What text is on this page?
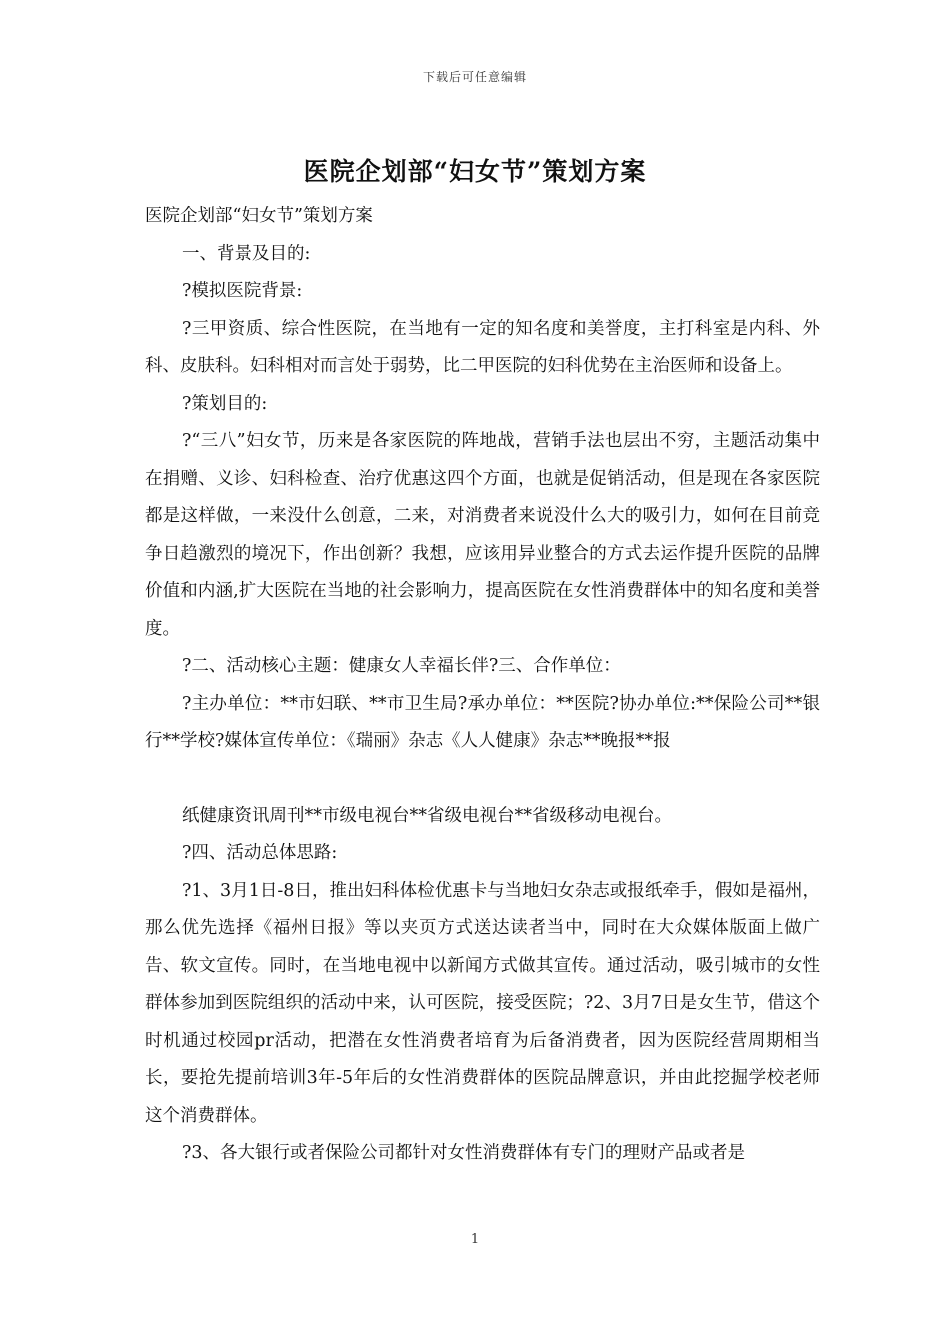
下载后可任意编辑
医院企划部“妇女节”策划方案

医院企划部“妇女节”策划方案

一、背景及目的:

?模拟医院背景:

?三甲资质、综合性医院，在当地有一定的知名度和美誉度，主打科室是内科、外科、皮肤科。妇科相对而言处于弱势，比二甲医院的妇科优势在主治医师和设备上。

?策划目的:

?“三八”妇女节，历来是各家医院的阵地战，营销手法也层出不穷，主题活动集中在捐赠、义诊、妇科检查、治疗优惠这四个方面，也就是促销活动，但是现在各家医院都是这样做，一来没什么创意，二来，对消费者来说没什么大的吸引力，如何在目前竞争日趋激烈的境况下，作出创新？我想，应该用异业整合的方式去运作提升医院的品牌价值和内涵,扩大医院在当地的社会影响力，提高医院在女性消费群体中的知名度和美誉度。

?二、活动核心主题：健康女人幸福长伴?三、合作单位：

?主办单位：**市妇联、**市卫生局?承办单位：**医院?协办单位:**保险公司**银行**学校?媒体宣传单位：《瑞丽》杂志《人人健康》杂志**晚报**报

纸健康资讯周刊**市级电视台**省级电视台**省级移动电视台。

?四、活动总体思路:

?1、3月1日-8日，推出妇科体检优惠卡与当地妇女杂志或报纸牵手，假如是福州，那么优先选择《福州日报》等以夹页方式送达读者当中，同时在大众媒体版面上做广告、软文宣传。同时，在当地电视中以新闻方式做其宣传。通过活动，吸引城市的女性群体参加到医院组织的活动中来，认可医院，接受医院；?2、3月7日是女生节，借这个时机通过校园pr活动，把潜在女性消费者培育为后备消费者，因为医院经营周期相当长，要抢先提前培训3年-5年后的女性消费群体的医院品牌意识，并由此挖掘学校老师这个消费群体。

?3、各大银行或者保险公司都针对女性消费群体有专门的理财产品或者是

1
